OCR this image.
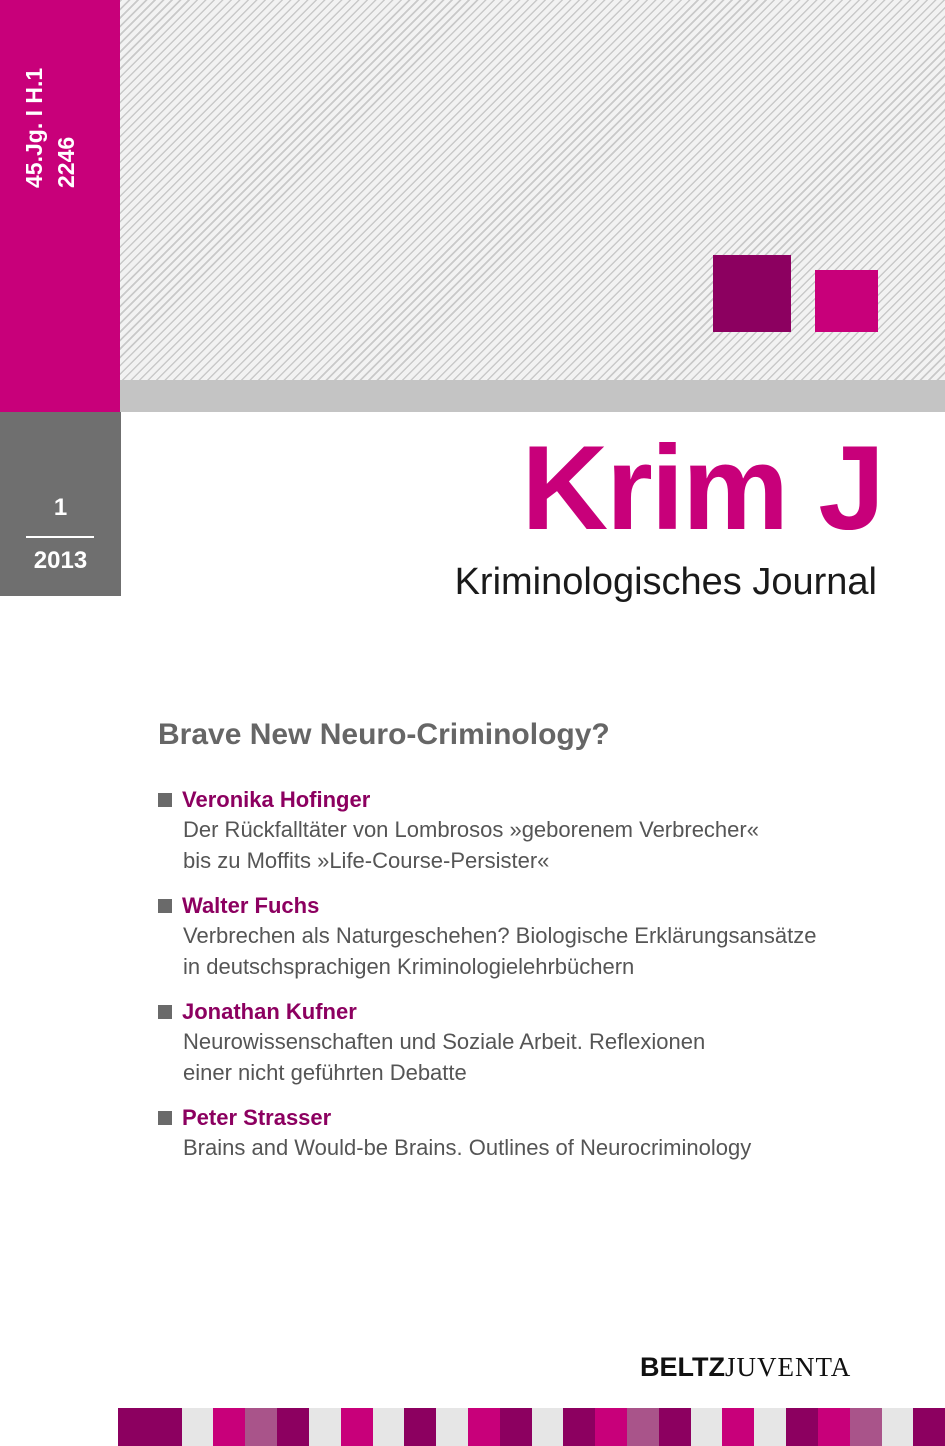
45.Jg. I H.1 2246
1
2013
Krim J
Kriminologisches Journal
Brave New Neuro-Criminology?
Veronika Hofinger
Der Rückfalltäter von Lombrosos »geborenem Verbrecher«
bis zu Moffits »Life-Course-Persister«
Walter Fuchs
Verbrechen als Naturgeschehen? Biologische Erklärungsansätze
in deutschsprachigen Kriminologielehrbüchern
Jonathan Kufner
Neurowissenschaften und Soziale Arbeit. Reflexionen
einer nicht geführten Debatte
Peter Strasser
Brains and Would-be Brains. Outlines of Neurocriminology
BELTZJUVENTA
